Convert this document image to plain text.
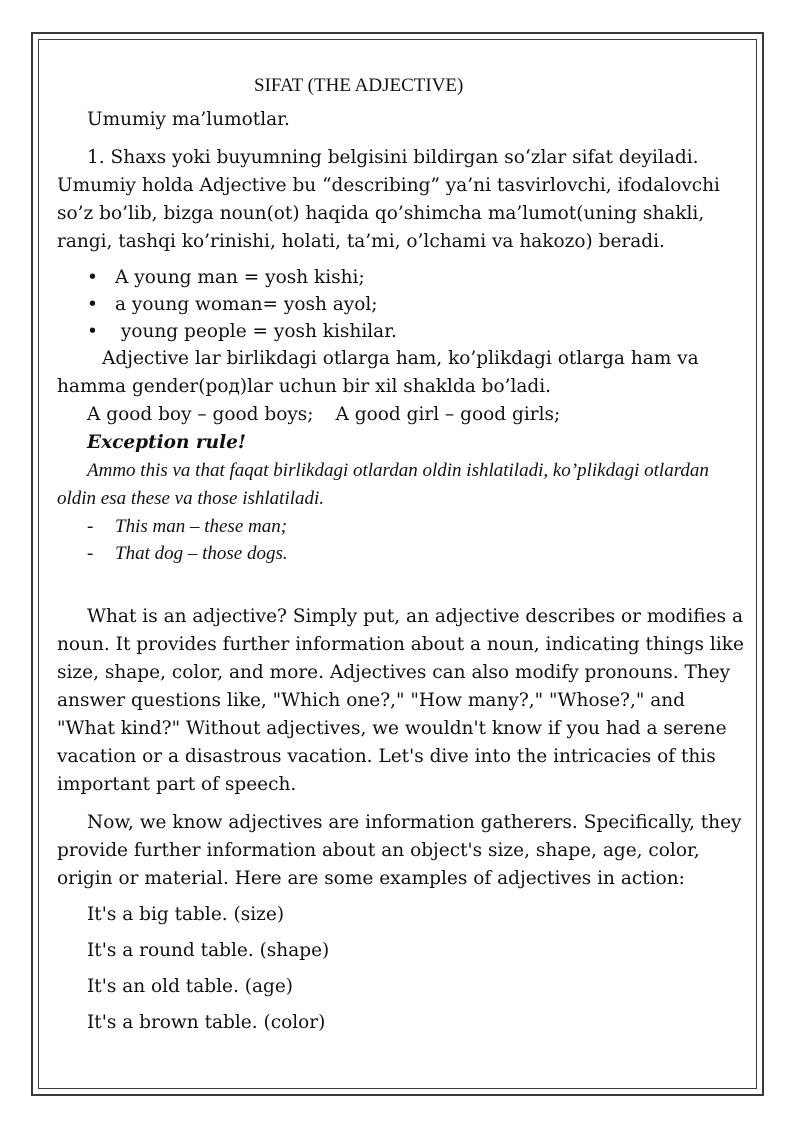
SIFAT (THE ADJECTIVE)

Umumiy ma’lumotlar.

1. Shaxs yoki buyumning belgisini bildirgan so‘zlar sifat deyiladi. Umumiy holda Adjective bu “describing” ya’ni tasvirlovchi, ifodalovchi so’z bo’lib, bizga noun(ot) haqida qo’shimcha ma’lumot(uning shakli, rangi, tashqi ko’rinishi, holati, ta’mi, o’lchami va hakozo) beradi.

• A young man = yosh kishi;
• a young woman= yosh ayol;
• young people = yosh kishilar.

Adjective lar birlikdagi otlarga ham, ko’plikdagi otlarga ham va hamma gender(род)lar uchun bir xil shaklda bo’ladi.

A good boy – good boys; A good girl – good girls;

Exception rule!

Ammo this va that faqat birlikdagi otlardan oldin ishlatiladi, ko’plikdagi otlardan oldin esa these va those ishlatiladi.

- This man – these man;
- That dog – those dogs.

What is an adjective? Simply put, an adjective describes or modifies a noun. It provides further information about a noun, indicating things like size, shape, color, and more. Adjectives can also modify pronouns. They answer questions like, "Which one?," "How many?," "Whose?," and "What kind?" Without adjectives, we wouldn't know if you had a serene vacation or a disastrous vacation. Let's dive into the intricacies of this important part of speech.

Now, we know adjectives are information gatherers. Specifically, they provide further information about an object's size, shape, age, color, origin or material. Here are some examples of adjectives in action:

It's a big table. (size)

It's a round table. (shape)

It's an old table. (age)

It's a brown table. (color)
